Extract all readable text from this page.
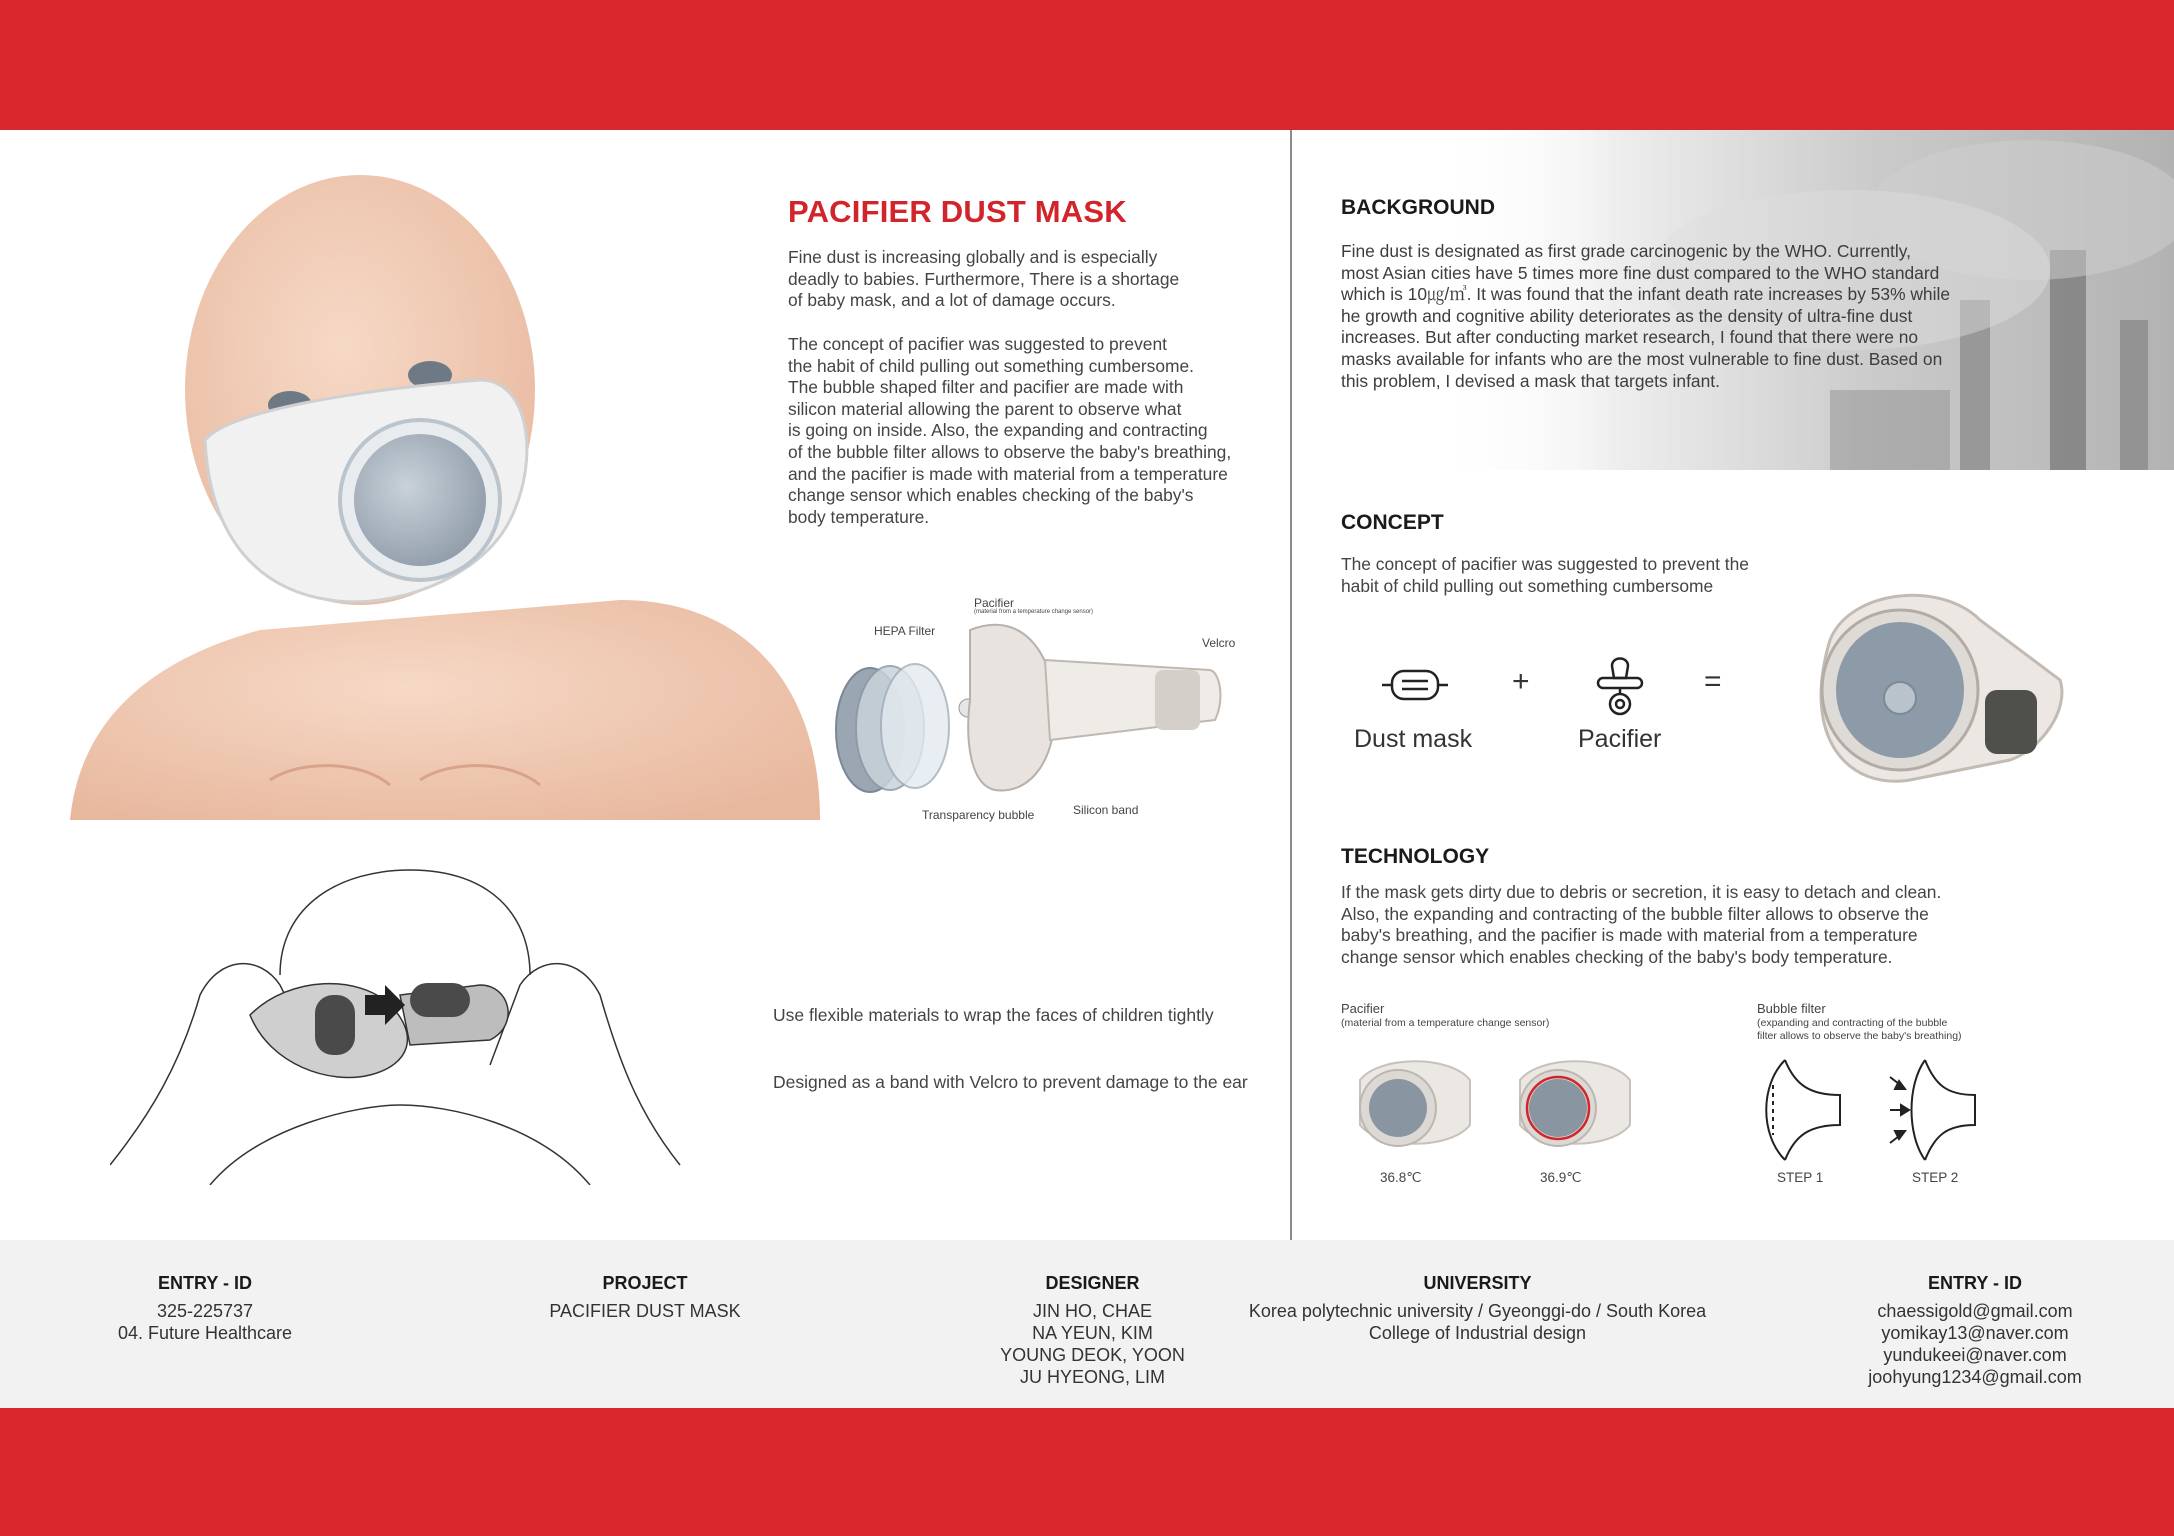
PACIFIER DUST MASK
Fine dust is increasing globally and is especially
deadly to babies. Furthermore, There is a shortage
of baby mask, and a lot of damage occurs.
The concept of pacifier was suggested to prevent
the habit of child pulling out something cumbersome.
The bubble shaped filter and pacifier are made with
silicon material allowing the parent to observe what
is going on inside. Also, the expanding and contracting
of the bubble filter allows to observe the baby's breathing,
and the pacifier is made with material from a temperature
change sensor which enables checking of the baby's
body temperature.
Pacifier
(material from a temperature change sensor)
HEPA Filter
Velcro
Transparency bubble	Silicon band
Use flexible materials to wrap the faces of children tightly
Designed as a band with Velcro to prevent damage to the ear
BACKGROUND
Fine dust is designated as first grade carcinogenic by the WHO. Currently,
most Asian cities have 5 times more fine dust compared to the WHO standard
which is 10㎍/㎥. It was found that the infant death rate increases by 53% while
he growth and cognitive ability deteriorates as the density of ultra-fine dust
increases. But after conducting market research, I found that there were no
masks available for infants who are the most vulnerable to fine dust. Based on
this problem, I devised a mask that targets infant.
CONCEPT
The concept of pacifier was suggested to prevent the
habit of child pulling out something cumbersome
Dust mask
+
Pacifier
=
TECHNOLOGY
If the mask gets dirty due to debris or secretion, it is easy to detach and clean.
Also, the expanding and contracting of the bubble filter allows to observe the
baby's breathing, and the pacifier is made with material from a temperature
change sensor which enables checking of the baby's body temperature.
Pacifier
(material from a temperature change sensor)
36.8℃	36.9℃
Bubble filter
(expanding and contracting of the bubble
filter allows to observe the baby's breathing)
STEP 1	STEP 2
ENTRY - ID
325-225737
04. Future Healthcare
PROJECT
PACIFIER DUST MASK
DESIGNER
JIN HO, CHAE
NA YEUN, KIM
YOUNG DEOK, YOON
JU HYEONG, LIM
UNIVERSITY
Korea polytechnic university / Gyeonggi-do / South Korea
College of Industrial design
ENTRY - ID
chaessigold@gmail.com
yomikay13@naver.com
yundukeei@naver.com
joohyung1234@gmail.com
